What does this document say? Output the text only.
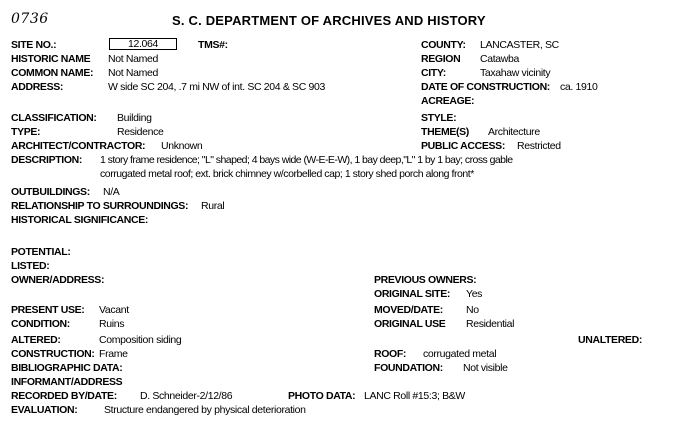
0736	S. C. DEPARTMENT OF ARCHIVES AND HISTORY
SITE NO.:	12.064	TMS#:
HISTORIC NAME Not Named
COMMON NAME: Not Named
ADDRESS:	W side SC 204, .7 mi NW of int. SC 204 & SC 903
COUNTY: LANCASTER, SC
REGION Catawba
CITY:	Taxahaw vicinity
DATE OF CONSTRUCTION: ca. 1910
ACREAGE:
CLASSIFICATION: Building
TYPE:	Residence
ARCHITECT/CONTRACTOR: Unknown
STYLE:
THEME(S) Architecture
PUBLIC ACCESS: Restricted
DESCRIPTION: 1 story frame residence; "L" shaped; 4 bays wide (W-E-E-W), 1 bay deep,"L" 1 by 1 bay; cross gable
corrugated metal roof; ext. brick chimney w/corbelled cap; 1 story shed porch along front*
OUTBUILDINGS: N/A
RELATIONSHIP TO SURROUNDINGS: Rural
HISTORICAL SIGNIFICANCE:
POTENTIAL:
LISTED:
OWNER/ADDRESS:	PREVIOUS OWNERS:
ORIGINAL SITE: Yes
PRESENT USE: Vacant	MOVED/DATE: No
CONDITION:	Ruins	ORIGINAL USE Residential
ALTERED:	Composition siding	UNALTERED:
CONSTRUCTION: Frame	ROOF: corrugated metal
BIBLIOGRAPHIC DATA:	FOUNDATION: Not visible
INFORMANT/ADDRESS
RECORDED BY/DATE: D. Schneider-2/12/86	PHOTO DATA: LANC Roll #15:3; B&W
EVALUATION:	Structure endangered by physical deterioration
